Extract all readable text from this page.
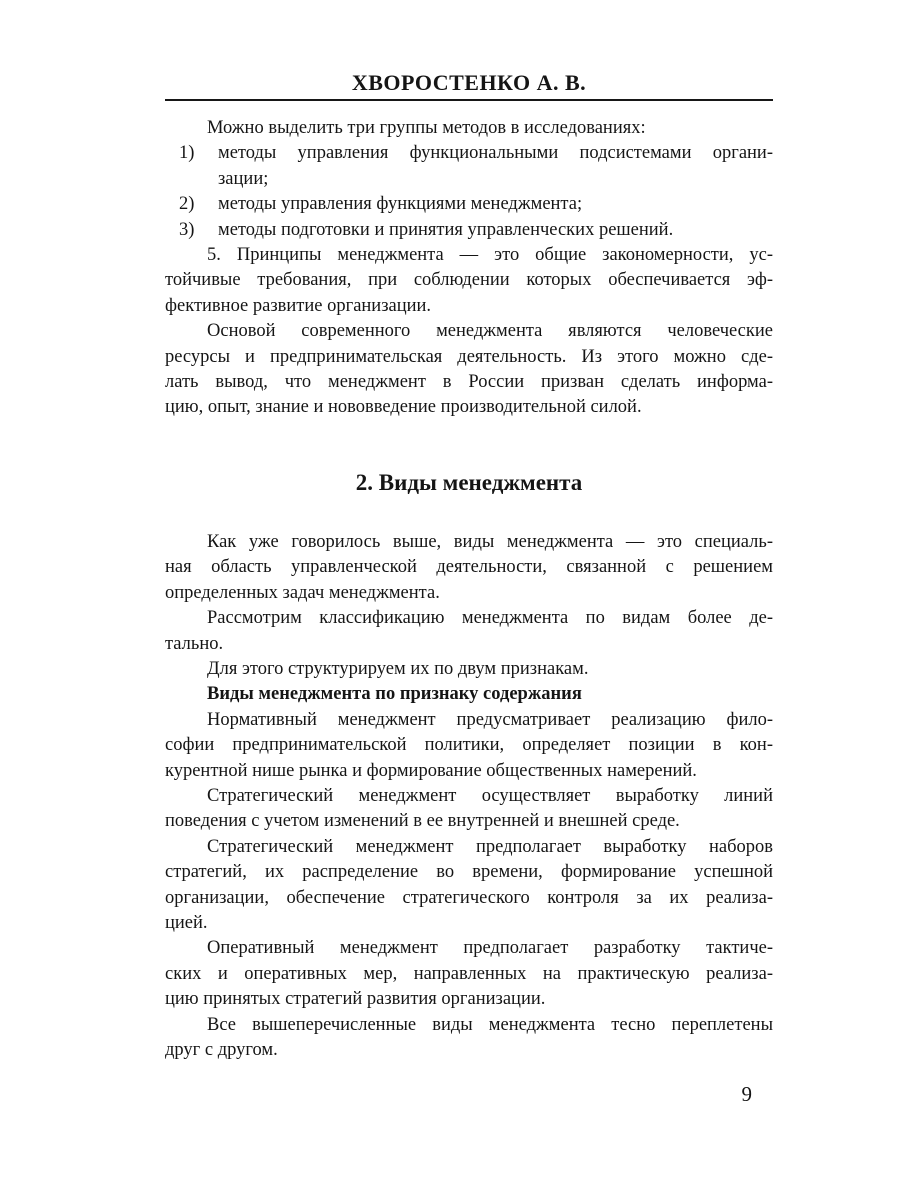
ХВОРОСТЕНКО А. В.
Можно выделить три группы методов в исследованиях:
1)	методы управления функциональными подсистемами органи-
зации;
2)	методы управления функциями менеджмента;
3)	методы подготовки и принятия управленческих решений.
5. Принципы менеджмента — это общие закономерности, ус-
тойчивые требования, при соблюдении которых обеспечивается эф-
фективное развитие организации.
Основой современного менеджмента являются человеческие
ресурсы и предпринимательская деятельность. Из этого можно сде-
лать вывод, что менеджмент в России призван сделать информа-
цию, опыт, знание и нововведение производительной силой.
2. Виды менеджмента
Как уже говорилось выше, виды менеджмента — это специаль-
ная область управленческой деятельности, связанной с решением
определенных задач менеджмента.
Рассмотрим классификацию менеджмента по видам более де-
тально.
Для этого структурируем их по двум признакам.
Виды менеджмента по признаку содержания
Нормативный менеджмент предусматривает реализацию фило-
софии предпринимательской политики, определяет позиции в кон-
курентной нише рынка и формирование общественных намерений.
Стратегический менеджмент осуществляет выработку линий
поведения с учетом изменений в ее внутренней и внешней среде.
Стратегический менеджмент предполагает выработку наборов
стратегий, их распределение во времени, формирование успешной
организации, обеспечение стратегического контроля за их реализа-
цией.
Оперативный менеджмент предполагает разработку тактиче-
ских и оперативных мер, направленных на практическую реализа-
цию принятых стратегий развития организации.
Все вышеперечисленные виды менеджмента тесно переплетены
друг с другом.
9
